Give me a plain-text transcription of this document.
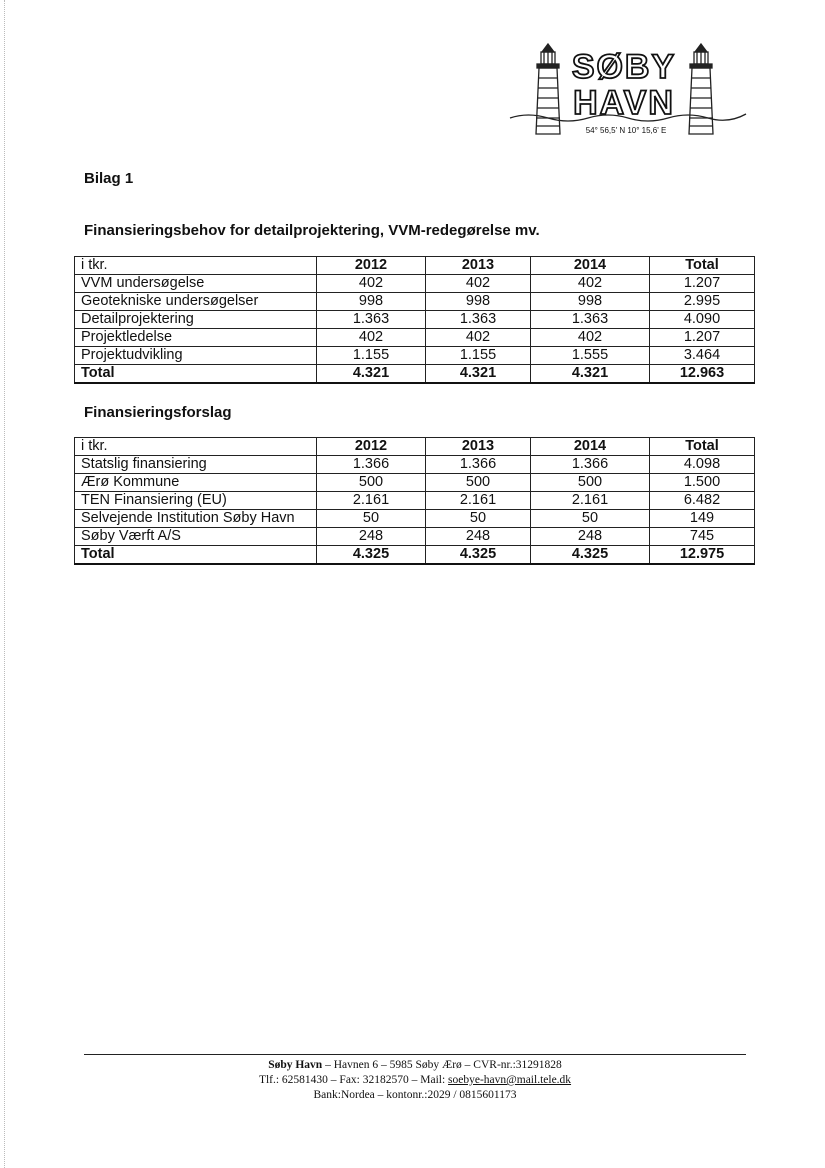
SØBY
HAVN
54° 56,5' N 10° 15,6' E
Bilag 1
Finansieringsbehov for detailprojektering, VVM-redegørelse mv.
i tkr.	2012	2013	2014	Total
VVM undersøgelse	402	402	402	1.207
Geotekniske undersøgelser	998	998	998	2.995
Detailprojektering	1.363	1.363	1.363	4.090
Projektledelse	402	402	402	1.207
Projektudvikling	1.155	1.155	1.555	3.464
Total	4.321	4.321	4.321	12.963
Finansieringsforslag
i tkr.	2012	2013	2014	Total
Statslig finansiering	1.366	1.366	1.366	4.098
Ærø Kommune	500	500	500	1.500
TEN Finansiering (EU)	2.161	2.161	2.161	6.482
Selvejende Institution Søby Havn	50	50	50	149
Søby Værft A/S	248	248	248	745
Total	4.325	4.325	4.325	12.975
Søby Havn – Havnen 6 – 5985 Søby Ærø – CVR-nr.:31291828
Tlf.: 62581430 – Fax: 32182570 – Mail: soebye-havn@mail.tele.dk
Bank:Nordea – kontonr.:2029 / 0815601173
